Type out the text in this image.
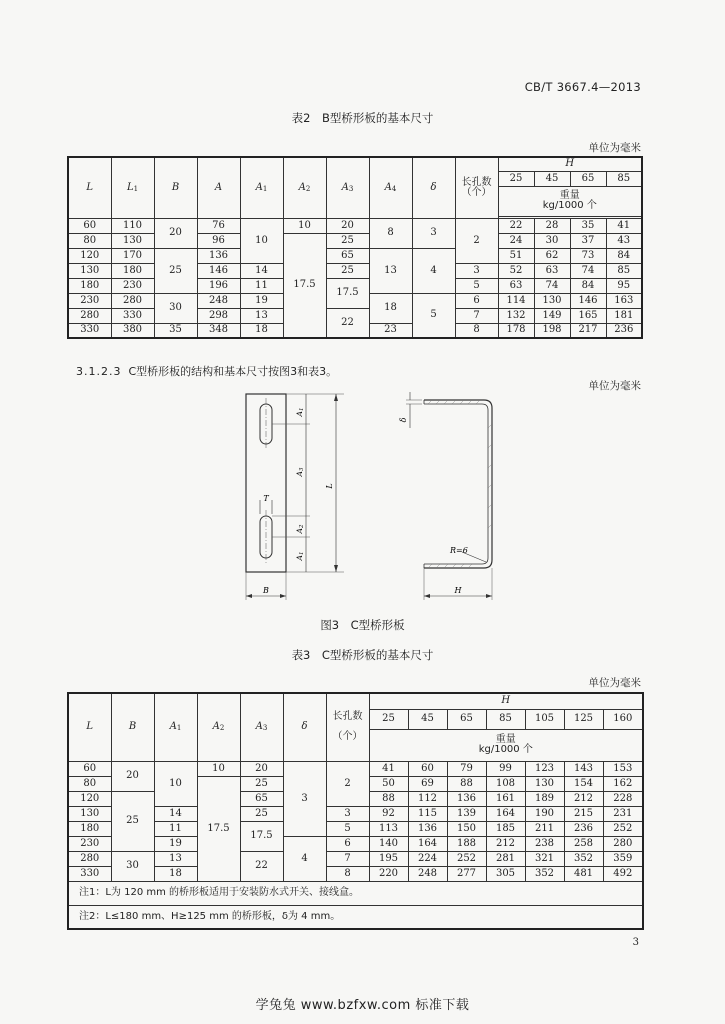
CB/T 3667.4—2013
表2　B型桥形板的基本尺寸
单位为毫米
L	L1	B	A	A1	A2	A3	A4	δ	长孔数
（个）	H			
										25	45	65	85
										重量
kg/1000 个			

60	110	20	76	10	10	20	8	3	2	22	28	35	41
80	130		96		17.5	25				24	30	37	43
120	170	25	136			65	13	4		51	62	73	84
130	180		146	14		25			3	52	63	74	85
180	230		196	11		17.5			5	63	74	84	95
230	280	30	248	19			18	5	6	114	130	146	163
280	330		298	13		22			7	132	149	165	181
330	380	35	348	18			23		8	178	198	217	236
3.1.2.3 C型桥形板的结构和基本尺寸按图3和表3。
单位为毫米
T
A1
A3
A2
A1
L
B
δ
R=6
H
图3　C型桥形板
表3　C型桥形板的基本尺寸
单位为毫米
L	B	A1	A2	A3	δ	长孔数

（个）	H						
							25	45	65	85	105	125	160
							重量
kg/1000 个						
60	20	10	10	20	3	2	41	60	79	99	123	143	153
80			17.5	25			50	69	88	108	130	154	162
120	25			65			88	112	136	161	189	212	228
130		14		25		3	92	115	139	164	190	215	231
180		11		17.5		5	113	136	150	185	211	236	252
230		19			4	6	140	164	188	212	238	258	280
280	30	13		22		7	195	224	252	281	321	352	359
330		18				8	220	248	277	305	352	481	492
注1：L为 120 mm 的桥形板适用于安装防水式开关、接线盒。													
注2：L≤180 mm、H≥125 mm 的桥形板，δ为 4 mm。													
3
学兔兔 www.bzfxw.com 标准下载
